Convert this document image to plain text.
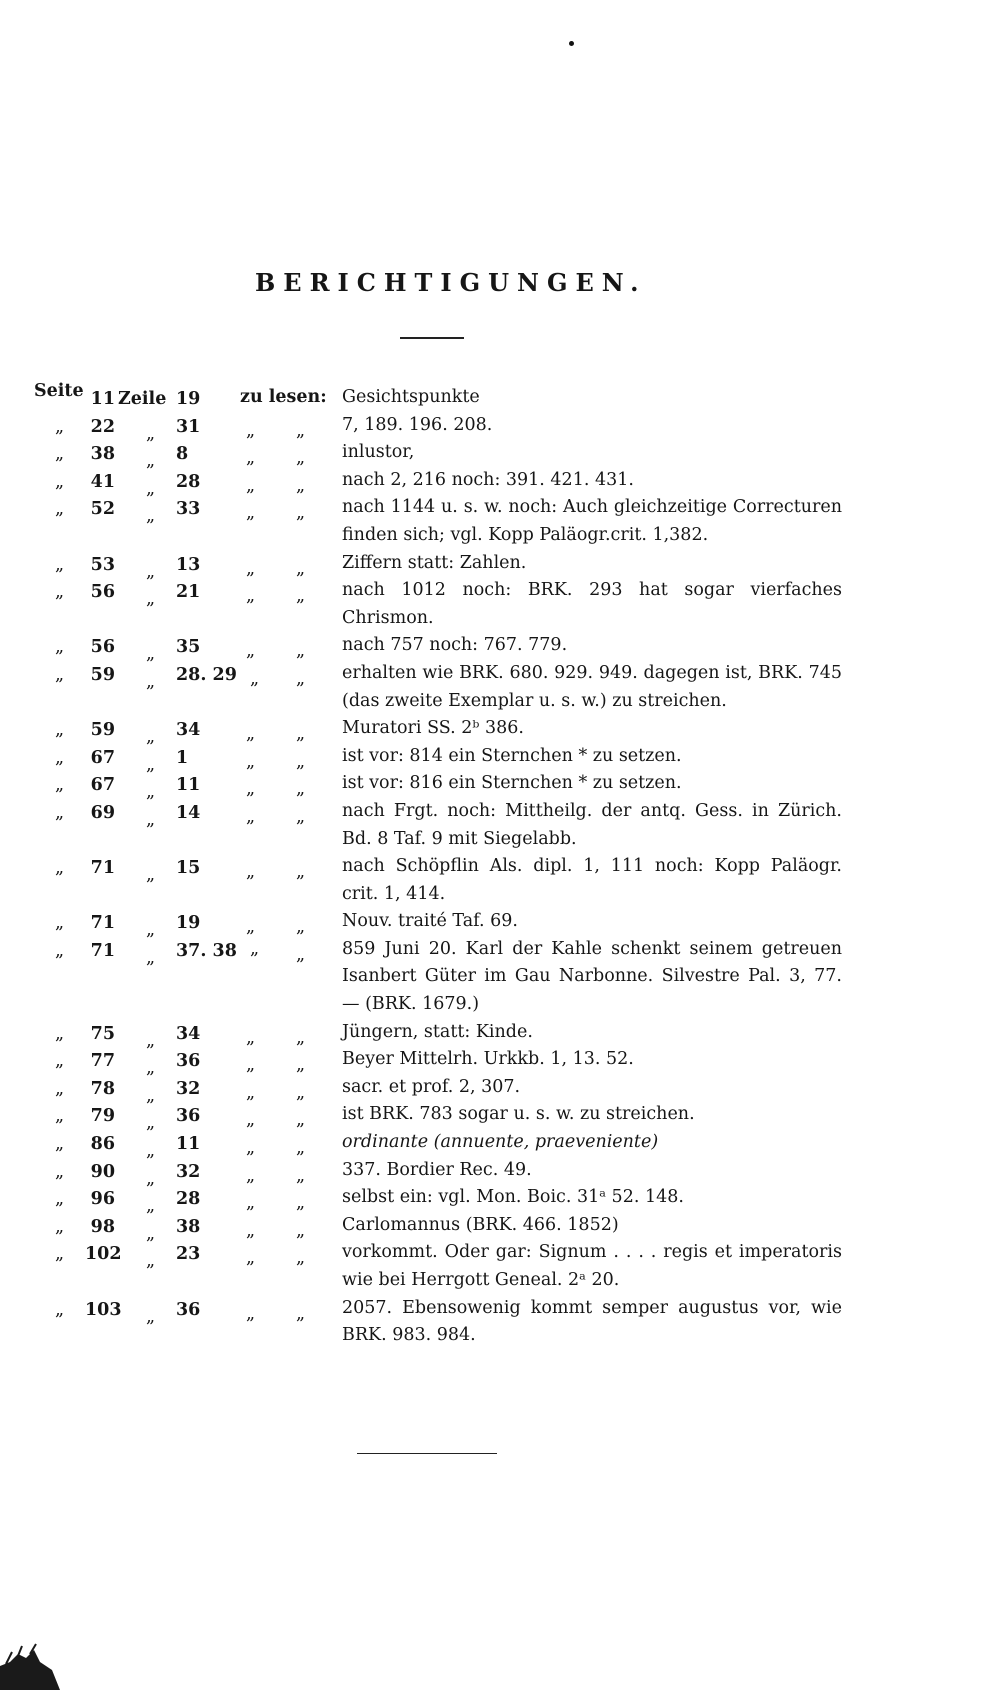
BERICHTIGUNGEN.
Seite 11 Zeile 19 zu lesen: Gesichtspunkte
„	22 „ 31	„ „ 7, 189. 196. 208.
„	38 „ 8	„ „ inlustor,
„	41 „ 28	„ „ nach 2, 216 noch: 391. 421. 431.
„	52 „ 33	„ „ nach 1144 u. s. w. noch: Auch gleichzeitige Correcturen finden sich; vgl. Kopp Paläogr.crit. 1,382.
„	53 „ 13	„ „ Ziffern statt: Zahlen.
„	56 „ 21	„ „ nach 1012 noch: BRK. 293 hat sogar vierfaches Chrismon.
„	56 „ 35	„ „ nach 757 noch: 767. 779.
„	59 „ 28. 29 „ „ erhalten wie BRK. 680. 929. 949. dagegen ist, BRK. 745 (das zweite Exemplar u. s. w.) zu streichen.
„	59 „ 34	„ „ Muratori SS. 2ᵇ 386.
„	67 „ 1	„ „ ist vor: 814 ein Sternchen * zu setzen.
„	67 „ 11	„ „ ist vor: 816 ein Sternchen * zu setzen.
„	69 „ 14	„ „ nach Frgt. noch: Mittheilg. der antq. Gess. in Zürich. Bd. 8 Taf. 9 mit Siegelabb.
„	71 „ 15	„ „ nach Schöpflin Als. dipl. 1, 111 noch: Kopp Paläogr. crit. 1, 414.
„	71 „ 19	„ „ Nouv. traité Taf. 69.
„	71 „ 37. 38 „ „ 859 Juni 20. Karl der Kahle schenkt seinem getreuen Isanbert Güter im Gau Narbonne. Silvestre Pal. 3, 77. — (BRK. 1679.)
„	75 „ 34	„ „ Jüngern, statt: Kinde.
„	77 „ 36	„ „ Beyer Mittelrh. Urkkb. 1, 13. 52.
„	78 „ 32	„ „ sacr. et prof. 2, 307.
„	79 „ 36	„ „ ist BRK. 783 sogar u. s. w. zu streichen.
„	86 „ 11	„ „ ordinante (annuente, praeveniente)
„	90 „ 32	„ „ 337. Bordier Rec. 49.
„	96 „ 28	„ „ selbst ein: vgl. Mon. Boic. 31ᵃ 52. 148.
„	98 „ 38	„ „ Carlomannus (BRK. 466. 1852)
„ 102 „ 23	„ „ vorkommt. Oder gar: Signum . . . . regis et imperatoris wie bei Herrgott Geneal. 2ᵃ 20.
„ 103 „ 36	„ „ 2057. Ebensowenig kommt semper augustus vor, wie BRK. 983. 984.
